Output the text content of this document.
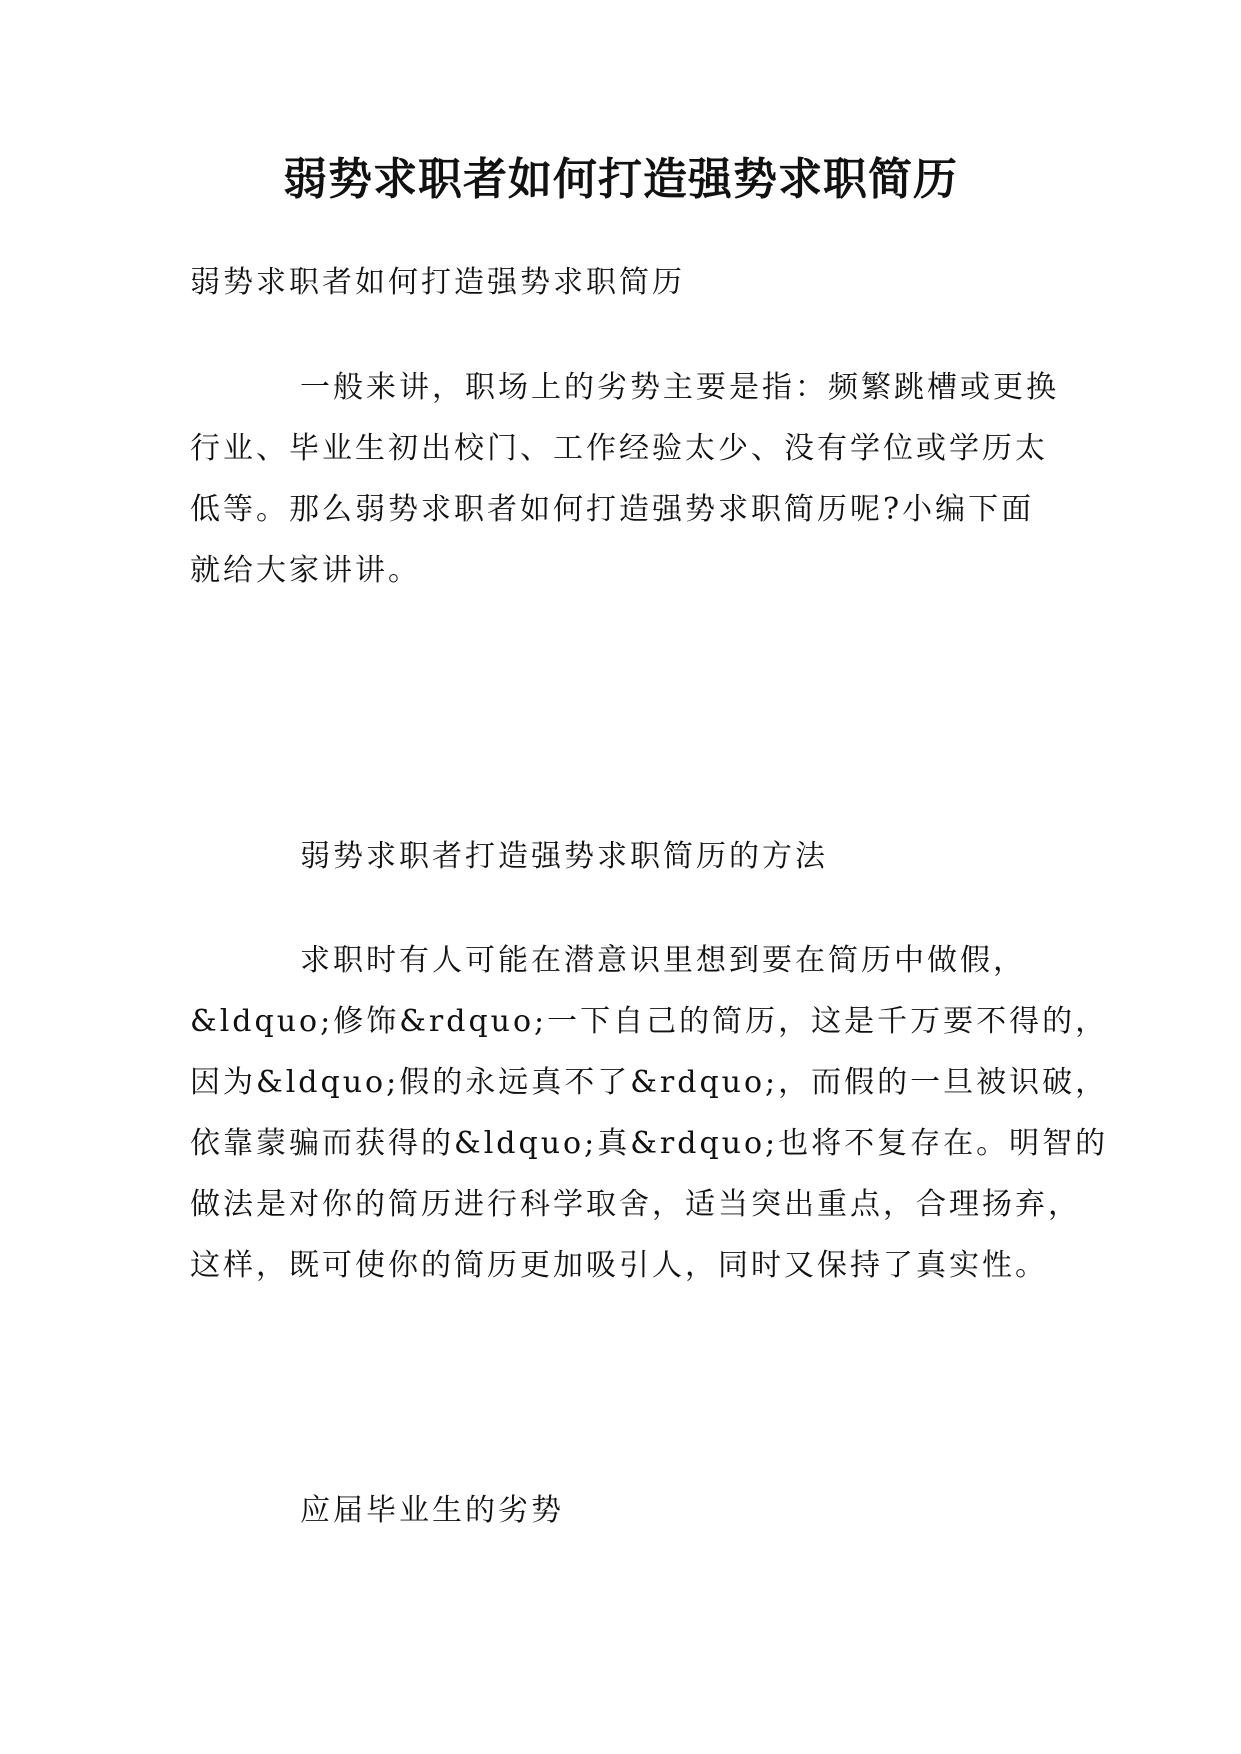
弱势求职者如何打造强势求职简历

弱势求职者如何打造强势求职简历

一般来讲，职场上的劣势主要是指：频繁跳槽或更换
行业、毕业生初出校门、工作经验太少、没有学位或学历太
低等。那么弱势求职者如何打造强势求职简历呢?小编下面
就给大家讲讲。

弱势求职者打造强势求职简历的方法

求职时有人可能在潜意识里想到要在简历中做假，
&ldquo;修饰&rdquo;一下自己的简历，这是千万要不得的，
因为&ldquo;假的永远真不了&rdquo;，而假的一旦被识破，
依靠蒙骗而获得的&ldquo;真&rdquo;也将不复存在。明智的
做法是对你的简历进行科学取舍，适当突出重点，合理扬弃，
这样，既可使你的简历更加吸引人，同时又保持了真实性。

应届毕业生的劣势
